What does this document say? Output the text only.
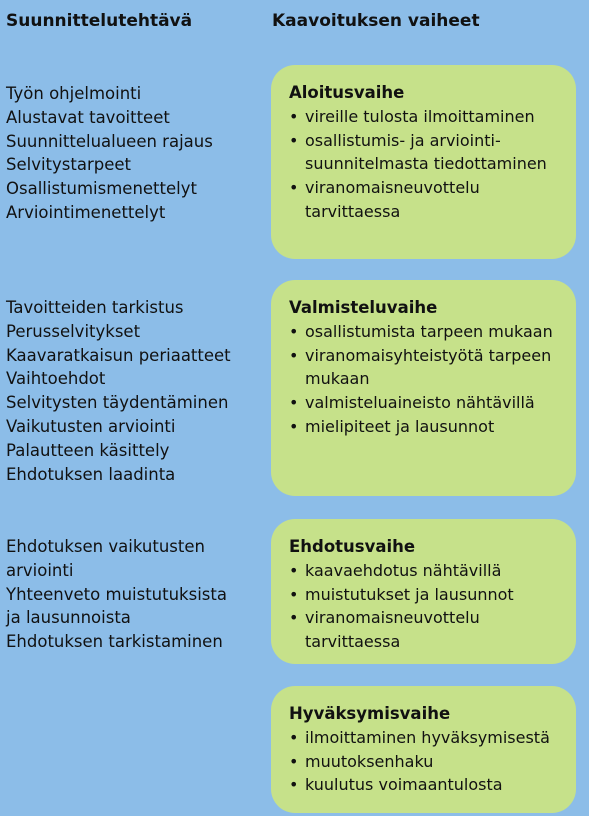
Suunnittelutehtävä	Kaavoituksen vaiheet
Työn ohjelmointi
Alustavat tavoitteet
Suunnittelualueen rajaus
Selvitystarpeet
Osallistumismenettelyt
Arviointimenettelyt
Tavoitteiden tarkistus
Perusselvitykset
Kaavaratkaisun periaatteet
Vaihtoehdot
Selvitysten täydentäminen
Vaikutusten arviointi
Palautteen käsittely
Ehdotuksen laadinta
Ehdotuksen vaikutusten
arviointi
Yhteenveto muistutuksista
ja lausunnoista
Ehdotuksen tarkistaminen
Aloitusvaihe
• vireille tulosta ilmoittaminen
• osallistumis- ja arviointi-suunnitelmasta tiedottaminen
• viranomaisneuvottelu tarvittaessa
Valmisteluvaihe
• osallistumista tarpeen mukaan
• viranomaisyhteistyötä tarpeen mukaan
• valmisteluaineisto nähtävillä
• mielipiteet ja lausunnot
Ehdotusvaihe
• kaavaehdotus nähtävillä
• muistutukset ja lausunnot
• viranomaisneuvottelu tarvittaessa
Hyväksymisvaihe
• ilmoittaminen hyväksymisestä
• muutoksenhaku
• kuulutus voimaantulosta
